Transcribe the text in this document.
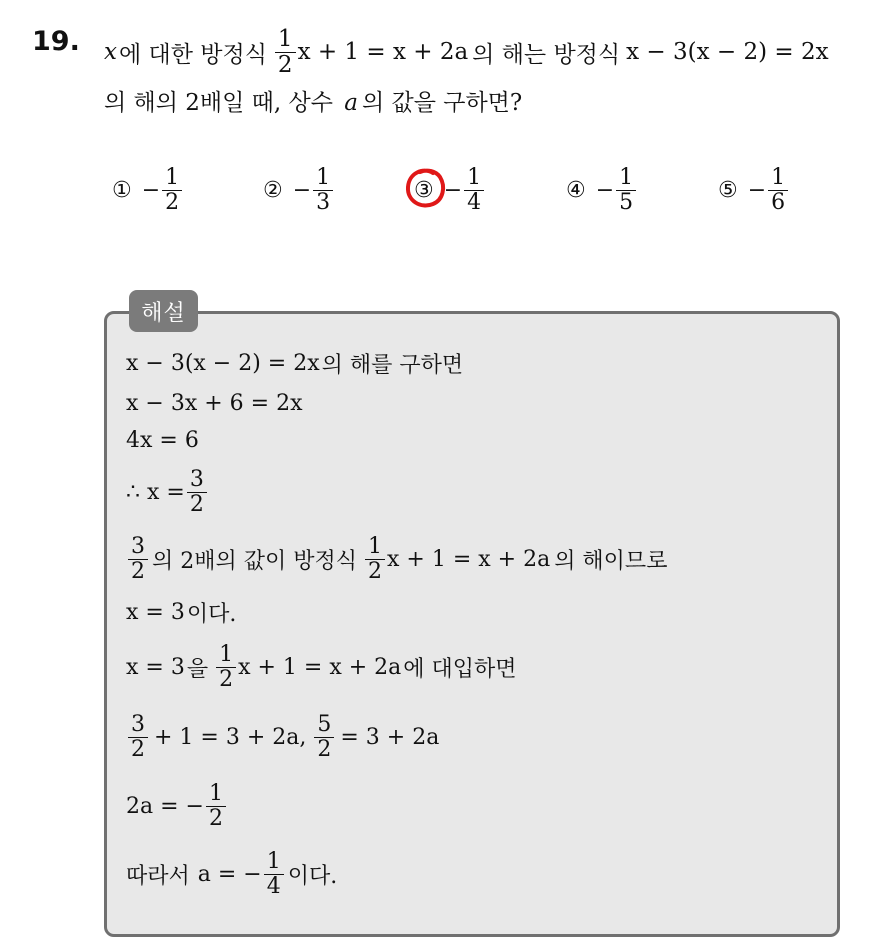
19. x 에 대한 방정식 $\frac{1}{2}$ x + 1 = x + 2a 의 해는 방정식 x − 3(x − 2) = 2x
의 해의 2배일 때, 상수 a 의 값을 구하면?
① − $\frac{1}{2}$	② − $\frac{1}{3}$	③ − $\frac{1}{4}$	④ − $\frac{1}{5}$	⑤ − $\frac{1}{6}$
해설
x − 3(x − 2) = 2x 의 해를 구하면
x − 3x + 6 = 2x
4x = 6
∴ $x = \frac{3}{2}$
$\frac{3}{2}$ 의 2배의 값이 방정식 $\frac{1}{2}$ x + 1 = x + 2a 의 해이므로
x = 3 이다.
x = 3 을 $\frac{1}{2}$ x + 1 = x + 2a 에 대입하면
$\frac{3}{2} + 1 = 3 + 2a$, $\frac{5}{2} = 3 + 2a$
2a = − $\frac{1}{2}$
따라서 a = − $\frac{1}{4}$ 이다.
